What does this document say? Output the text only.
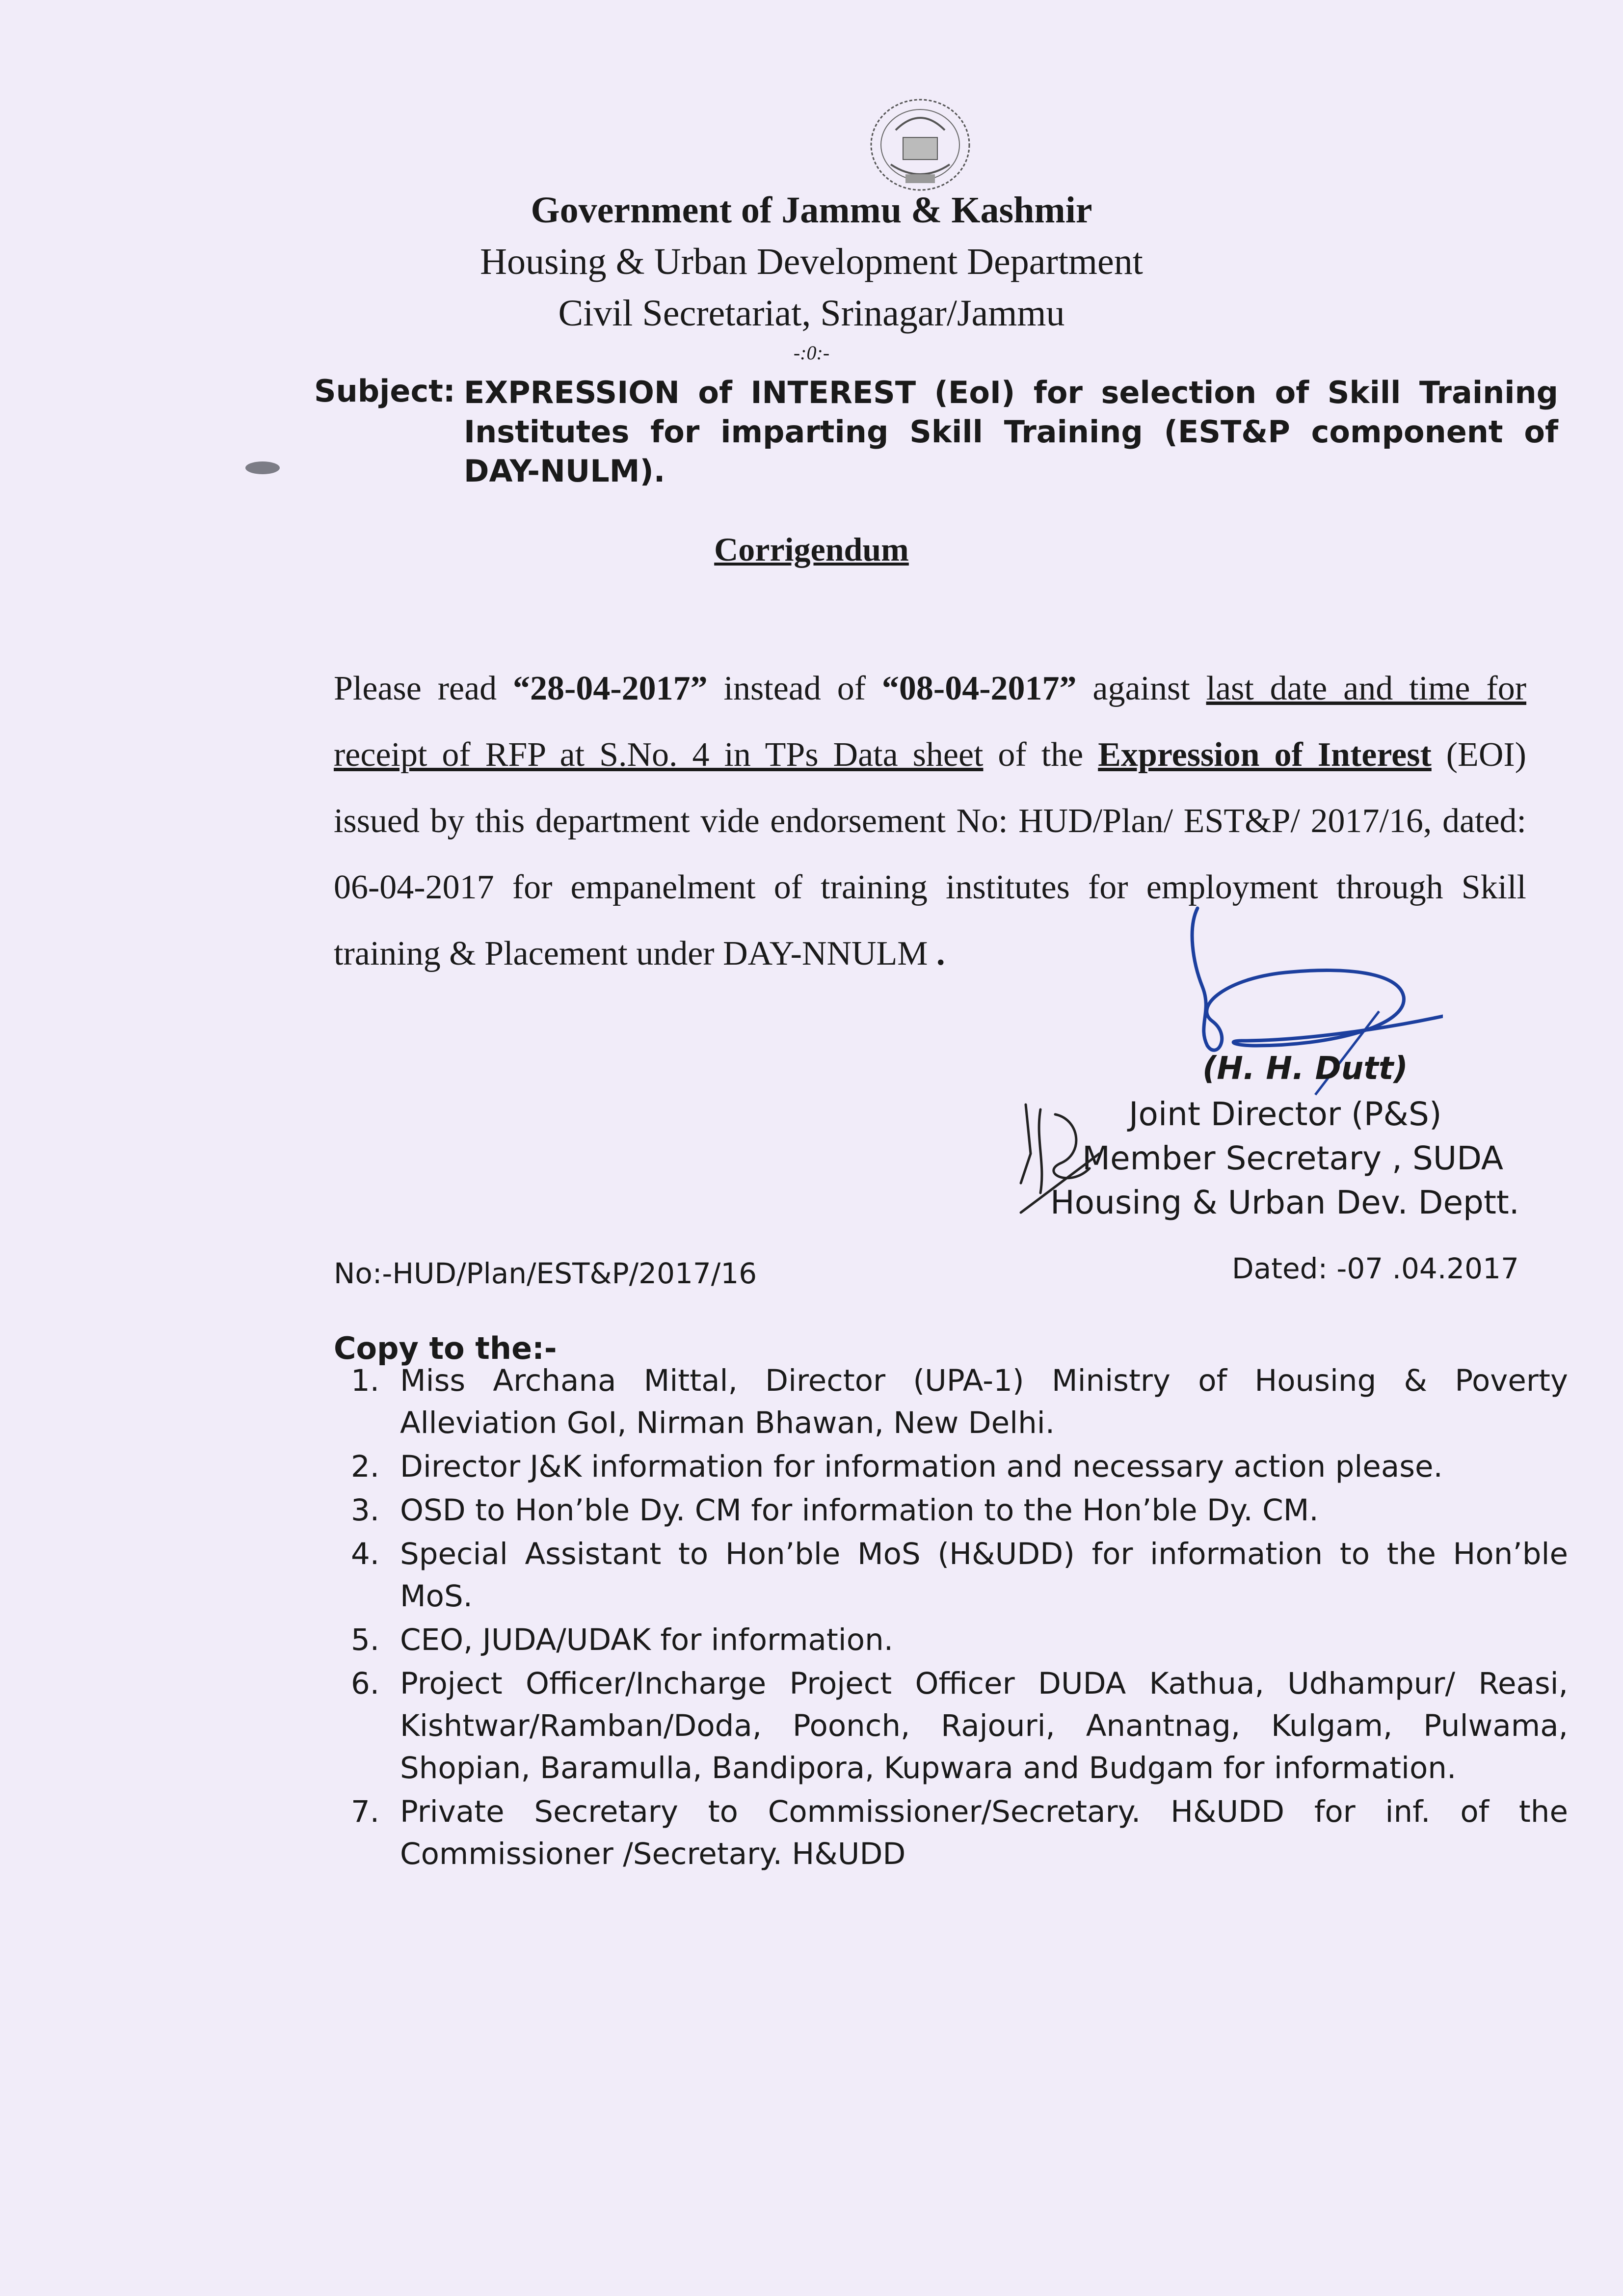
Government of Jammu & Kashmir
Housing & Urban Development Department
Civil Secretariat, Srinagar/Jammu
-:0:-
Subject: EXPRESSION of INTEREST (EoI) for selection of Skill Training Institutes for imparting Skill Training (EST&P component of DAY-NULM).
Corrigendum
Please read “28-04-2017” instead of “08-04-2017” against last date and time for receipt of RFP at S.No. 4 in TPs Data sheet of the Expression of Interest (EOI) issued by this department vide endorsement No: HUD/Plan/ EST&P/ 2017/16, dated: 06-04-2017 for empanelment of training institutes for employment through Skill training & Placement under DAY-NNULM .
(H. H. Dutt)
Joint Director (P&S)
Member Secretary , SUDA
Housing & Urban Dev. Deptt.
No:-HUD/Plan/EST&P/2017/16	Dated: -07 .04.2017
Copy to the:-
1. Miss Archana Mittal, Director (UPA-1) Ministry of Housing & Poverty Alleviation GoI, Nirman Bhawan, New Delhi.
2. Director J&K information for information and necessary action please.
3. OSD to Hon’ble Dy. CM for information to the Hon’ble Dy. CM.
4. Special Assistant to Hon’ble MoS (H&UDD) for information to the Hon’ble MoS.
5. CEO, JUDA/UDAK for information.
6. Project Officer/Incharge Project Officer DUDA Kathua, Udhampur/ Reasi, Kishtwar/Ramban/Doda, Poonch, Rajouri, Anantnag, Kulgam, Pulwama, Shopian, Baramulla, Bandipora, Kupwara and Budgam for information.
7. Private Secretary to Commissioner/Secretary. H&UDD for inf. of the Commissioner /Secretary. H&UDD
